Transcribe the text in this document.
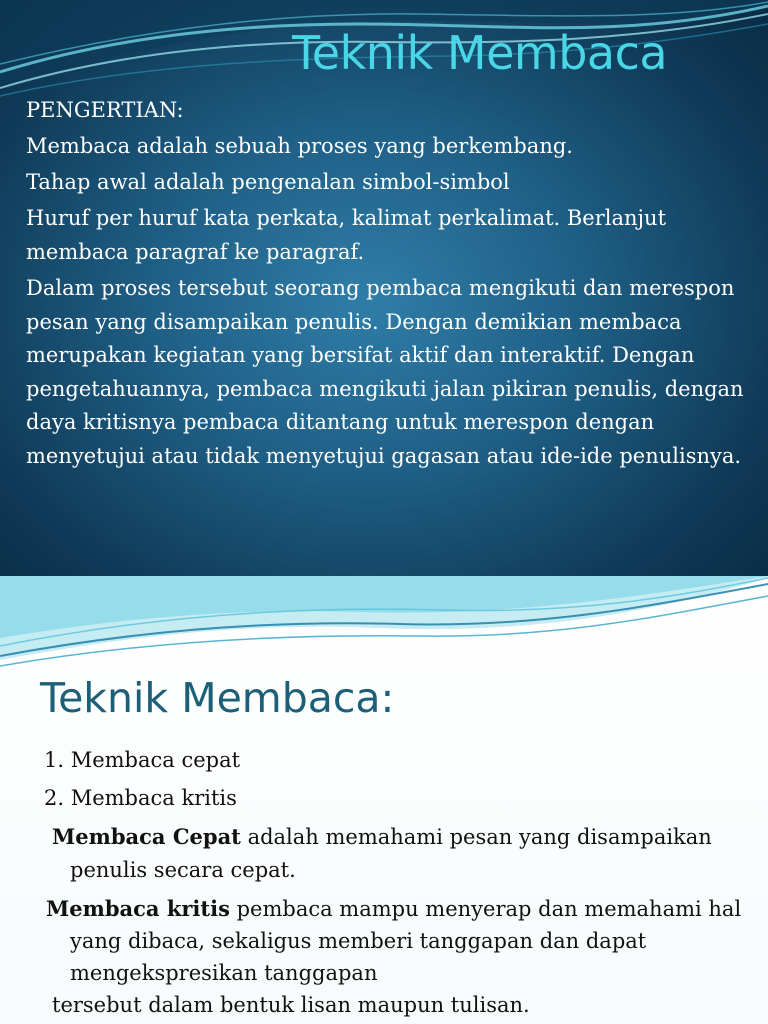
Teknik Membaca

PENGERTIAN:

Membaca adalah sebuah proses yang berkembang.

Tahap awal adalah pengenalan simbol-simbol

Huruf per huruf kata perkata, kalimat perkalimat. Berlanjut membaca paragraf ke paragraf.

Dalam proses tersebut seorang pembaca mengikuti dan merespon pesan yang disampaikan penulis. Dengan demikian membaca merupakan kegiatan yang bersifat aktif dan interaktif. Dengan pengetahuannya, pembaca mengikuti jalan pikiran penulis, dengan daya kritisnya pembaca ditantang untuk merespon dengan menyetujui atau tidak menyetujui gagasan atau ide-ide penulisnya.

Teknik Membaca:

1. Membaca cepat

2. Membaca kritis

Membaca Cepat adalah memahami pesan yang disampaikan penulis secara cepat.

Membaca kritis pembaca mampu menyerap dan memahami hal yang dibaca, sekaligus memberi tanggapan dan dapat mengekspresikan tanggapan

tersebut dalam bentuk lisan maupun tulisan.
